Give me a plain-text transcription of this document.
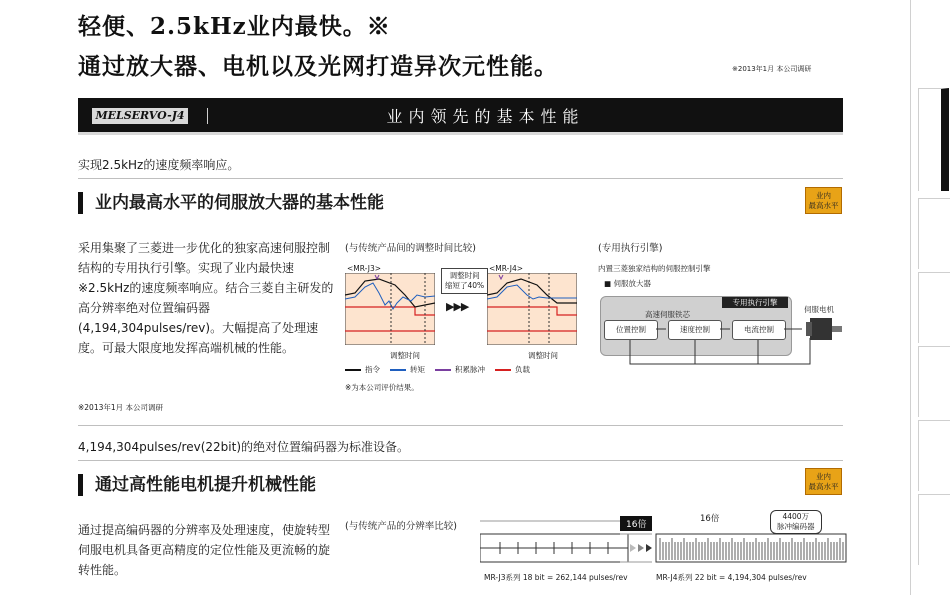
轻便、2.5kHz业内最快。※
通过放大器、电机以及光网打造异次元性能。	※2013年1月 本公司调研
MELSERVO-J4	业内领先的基本性能
实现2.5kHz的速度频率响应。
业内最高水平的伺服放大器的基本性能	业内
最高水平
采用集聚了三菱进一步优化的独家高速伺服控制结构的专用执行引擎。实现了业内最快速※2.5kHz的速度频率响应。结合三菱自主研发的高分辨率绝对位置编码器(4,194,304pulses/rev)。大幅提高了处理速度。可最大限度地发挥高端机械的性能。
※2013年1月 本公司调研
(与传统产品间的调整时间比较)
<MR-J3>	<MR-J4>
调整时间
缩短了40%
▶▶▶
调整时间	调整时间
指令	转矩	积累脉冲	负载
※为本公司评价结果。
(专用执行引擎)
内置三菱独家结构的伺服控制引擎
■ 伺服放大器
专用执行引擎
高速伺服铁芯
位置控制	速度控制	电流控制
伺服电机
4,194,304pulses/rev(22bit)的绝对位置编码器为标准设备。
通过高性能电机提升机械性能	业内
最高水平
通过提高编码器的分辨率及处理速度，使旋转型伺服电机具备更高精度的定位性能及更流畅的旋转性能。
(与传统产品的分辨率比较)	16倍
16倍	4400万
脉冲编码器
MR-J3系列 18 bit = 262,144 pulses/rev	MR-J4系列 22 bit = 4,194,304 pulses/rev
